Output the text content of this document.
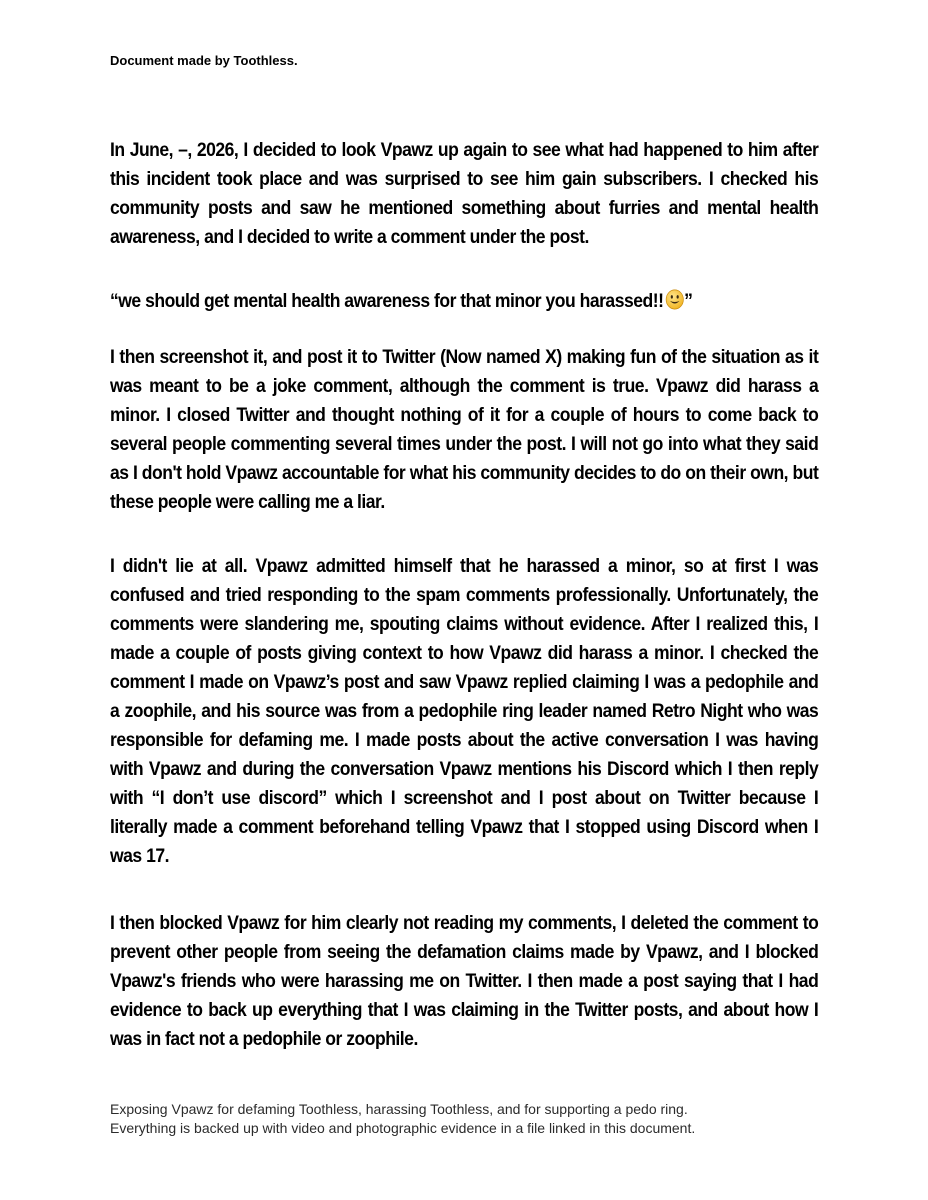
Document made by Toothless.

In June, –, 2026, I decided to look Vpawz up again to see what had happened to him after this incident took place and was surprised to see him gain subscribers. I checked his community posts and saw he mentioned something about furries and mental health awareness, and I decided to write a comment under the post.

“we should get mental health awareness for that minor you harassed!! ”

I then screenshot it, and post it to Twitter (Now named X) making fun of the situation as it was meant to be a joke comment, although the comment is true. Vpawz did harass a minor. I closed Twitter and thought nothing of it for a couple of hours to come back to several people commenting several times under the post. I will not go into what they said as I don't hold Vpawz accountable for what his community decides to do on their own, but these people were calling me a liar.

I didn't lie at all. Vpawz admitted himself that he harassed a minor, so at first I was confused and tried responding to the spam comments professionally. Unfortunately, the comments were slandering me, spouting claims without evidence. After I realized this, I made a couple of posts giving context to how Vpawz did harass a minor. I checked the comment I made on Vpawz’s post and saw Vpawz replied claiming I was a pedophile and a zoophile, and his source was from a pedophile ring leader named Retro Night who was responsible for defaming me. I made posts about the active conversation I was having with Vpawz and during the conversation Vpawz mentions his Discord which I then reply with “I don’t use discord” which I screenshot and I post about on Twitter because I literally made a comment beforehand telling Vpawz that I stopped using Discord when I was 17.

I then blocked Vpawz for him clearly not reading my comments, I deleted the comment to prevent other people from seeing the defamation claims made by Vpawz, and I blocked Vpawz's friends who were harassing me on Twitter. I then made a post saying that I had evidence to back up everything that I was claiming in the Twitter posts, and about how I was in fact not a pedophile or zoophile.

Exposing Vpawz for defaming Toothless, harassing Toothless, and for supporting a pedo ring.
Everything is backed up with video and photographic evidence in a file linked in this document.
